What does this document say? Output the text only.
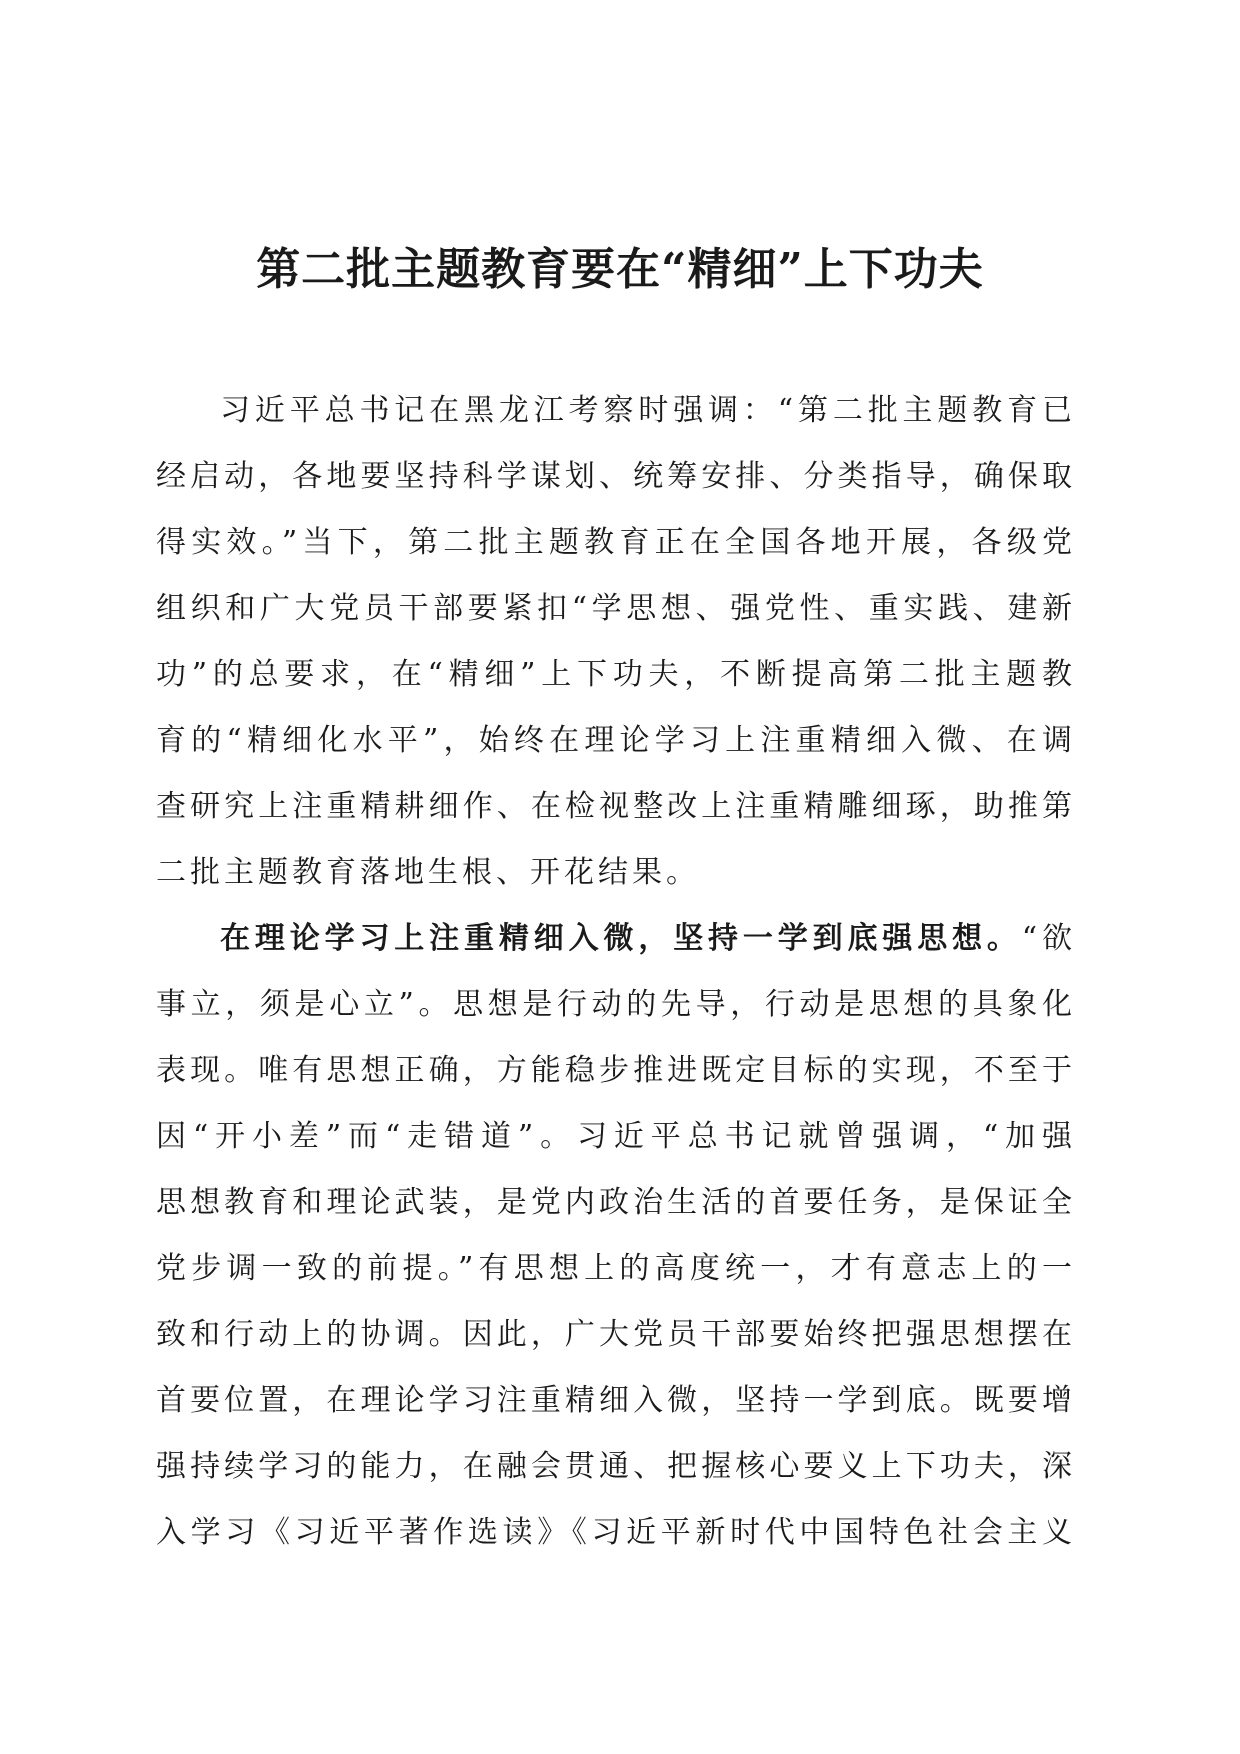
第二批主题教育要在“精细”上下功夫
习近平总书记在黑龙江考察时强调：“第二批主题教育已
经启动，各地要坚持科学谋划、统筹安排、分类指导，确保取
得实效。”当下，第二批主题教育正在全国各地开展，各级党
组织和广大党员干部要紧扣“学思想、强党性、重实践、建新
功”的总要求，在“精细”上下功夫，不断提高第二批主题教
育的“精细化水平”，始终在理论学习上注重精细入微、在调
查研究上注重精耕细作、在检视整改上注重精雕细琢，助推第
二批主题教育落地生根、开花结果。
在理论学习上注重精细入微，坚持一学到底强思想。“欲
事立，须是心立”。思想是行动的先导，行动是思想的具象化
表现。唯有思想正确，方能稳步推进既定目标的实现，不至于
因“开小差”而“走错道”。习近平总书记就曾强调，“加强
思想教育和理论武装，是党内政治生活的首要任务，是保证全
党步调一致的前提。”有思想上的高度统一，才有意志上的一
致和行动上的协调。因此，广大党员干部要始终把强思想摆在
首要位置，在理论学习注重精细入微，坚持一学到底。既要增
强持续学习的能力，在融会贯通、把握核心要义上下功夫，深
入学习《习近平著作选读》《习近平新时代中国特色社会主义
